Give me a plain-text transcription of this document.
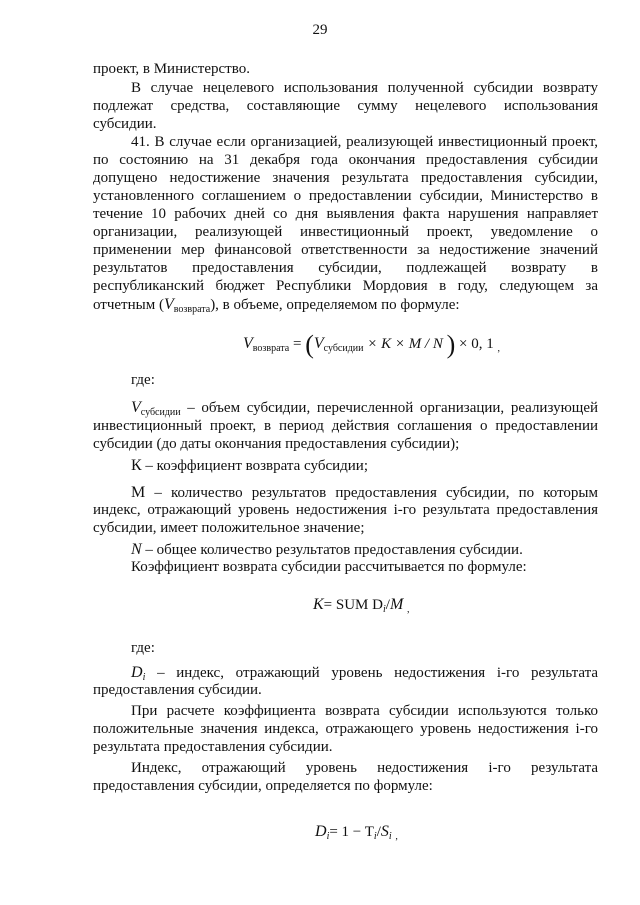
29
проект, в Министерство.
В случае нецелевого использования полученной субсидии возврату
подлежат средства, составляющие сумму нецелевого использования
субсидии.
41. В случае если организацией, реализующей инвестиционный проект,
по состоянию на 31 декабря года окончания предоставления субсидии
допущено недостижение значения результата предоставления субсидии,
установленного соглашением о предоставлении субсидии, Министерство в
течение 10 рабочих дней со дня выявления факта нарушения направляет
организации, реализующей инвестиционный проект, уведомление о
применении мер финансовой ответственности за недостижение значений
результатов предоставления субсидии, подлежащей возврату в
республиканский бюджет Республики Мордовия в году, следующем за
отчетным $(V_{возврата})$, в объеме, определяемом по формуле:
$V_{возврата} = (V_{субсидии} \times К \times M / N$ ) × 0, 1 $_,$
где:
$V_{субсидии}$ – объем субсидии, перечисленной организации, реализующей
инвестиционный проект, в период действия соглашения о предоставлении
субсидии (до даты окончания предоставления субсидии);
К – коэффициент возврата субсидии;
М – количество результатов предоставления субсидии, по которым
индекс, отражающий уровень недостижения i-го результата предоставления
субсидии, имеет положительное значение;
N – общее количество результатов предоставления субсидии.
Коэффициент возврата субсидии рассчитывается по формуле:
K= SUM $D_i/M$ $_,$
где:
$D_i$ – индекс, отражающий уровень недостижения i-го результата
предоставления субсидии.
При расчете коэффициента возврата субсидии используются только
положительные значения индекса, отражающего уровень недостижения i-го
результата предоставления субсидии.
Индекс, отражающий уровень недостижения i-го результата
предоставления субсидии, определяется по формуле:
$D_i= 1 - T_i/S_i$ $_,$
